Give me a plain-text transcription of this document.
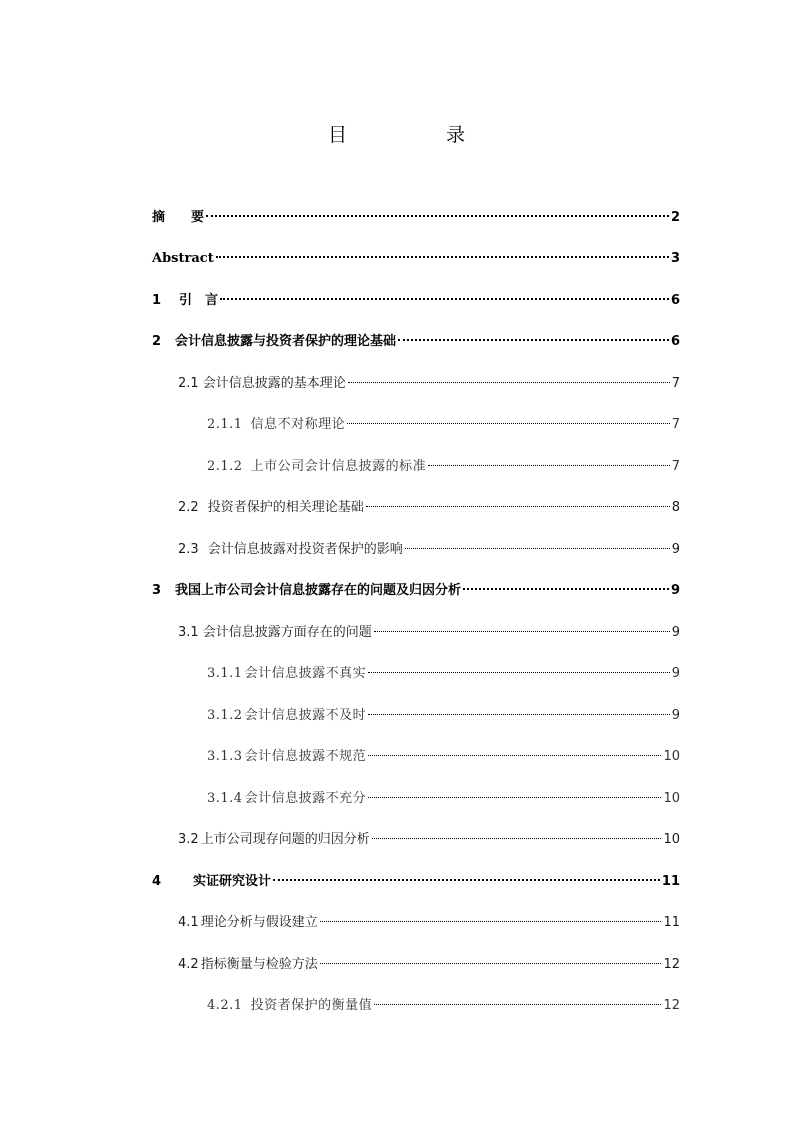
目　录
摘　　要	2
Abstract	3
1 引　言	6
2 会计信息披露与投资者保护的理论基础	6
2.1 会计信息披露的基本理论	7
2.1.1 信息不对称理论	7
2.1.2 上市公司会计信息披露的标准	7
2.2 投资者保护的相关理论基础	8
2.3 会计信息披露对投资者保护的影响	9
3 我国上市公司会计信息披露存在的问题及归因分析	9
3.1 会计信息披露方面存在的问题	9
3.1.1 会计信息披露不真实	9
3.1.2 会计信息披露不及时	9
3.1.3 会计信息披露不规范	10
3.1.4 会计信息披露不充分	10
3.2 上市公司现存问题的归因分析	10
4 实证研究设计	11
4.1 理论分析与假设建立	11
4.2 指标衡量与检验方法	12
4.2.1 投资者保护的衡量值	12
